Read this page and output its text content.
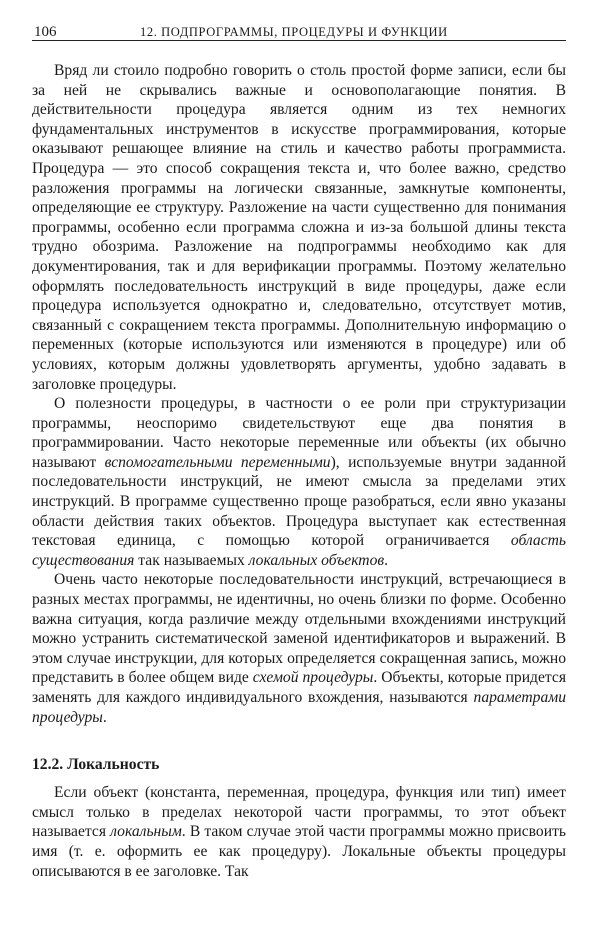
106	12. ПОДПРОГРАММЫ, ПРОЦЕДУРЫ И ФУНКЦИИ

Вряд ли стоило подробно говорить о столь простой форме записи, если бы за ней не скрывались важные и основополагающие понятия. В действительности процедура является одним из тех немногих фундаментальных инструментов в искусстве программирования, которые оказывают решающее влияние на стиль и качество работы программиста. Процедура — это способ сокращения текста и, что более важно, средство разложения программы на логически связанные, замкнутые компоненты, определяющие ее структуру. Разложение на части существенно для понимания программы, особенно если программа сложна и из-за большой длины текста трудно обозрима. Разложение на подпрограммы необходимо как для документирования, так и для верификации программы. Поэтому желательно оформлять последовательность инструкций в виде процедуры, даже если процедура используется однократно и, следовательно, отсутствует мотив, связанный с сокращением текста программы. Дополнительную информацию о переменных (которые используются или изменяются в процедуре) или об условиях, которым должны удовлетворять аргументы, удобно задавать в заголовке процедуры.

О полезности процедуры, в частности о ее роли при структуризации программы, неоспоримо свидетельствуют еще два понятия в программировании. Часто некоторые переменные или объекты (их обычно называют вспомогательными переменными), используемые внутри заданной последовательности инструкций, не имеют смысла за пределами этих инструкций. В программе существенно проще разобраться, если явно указаны области действия таких объектов. Процедура выступает как естественная текстовая единица, с помощью которой ограничивается область существования так называемых локальных объектов.

Очень часто некоторые последовательности инструкций, встречающиеся в разных местах программы, не идентичны, но очень близки по форме. Особенно важна ситуация, когда различие между отдельными вхождениями инструкций можно устранить систематической заменой идентификаторов и выражений. В этом случае инструкции, для которых определяется сокращенная запись, можно представить в более общем виде схемой процедуры. Объекты, которые придется заменять для каждого индивидуального вхождения, называются параметрами процедуры.

12.2. Локальность

Если объект (константа, переменная, процедура, функция или тип) имеет смысл только в пределах некоторой части программы, то этот объект называется локальным. В таком случае этой части программы можно присвоить имя (т. е. оформить ее как процедуру). Локальные объекты процедуры описываются в ее заголовке. Так
